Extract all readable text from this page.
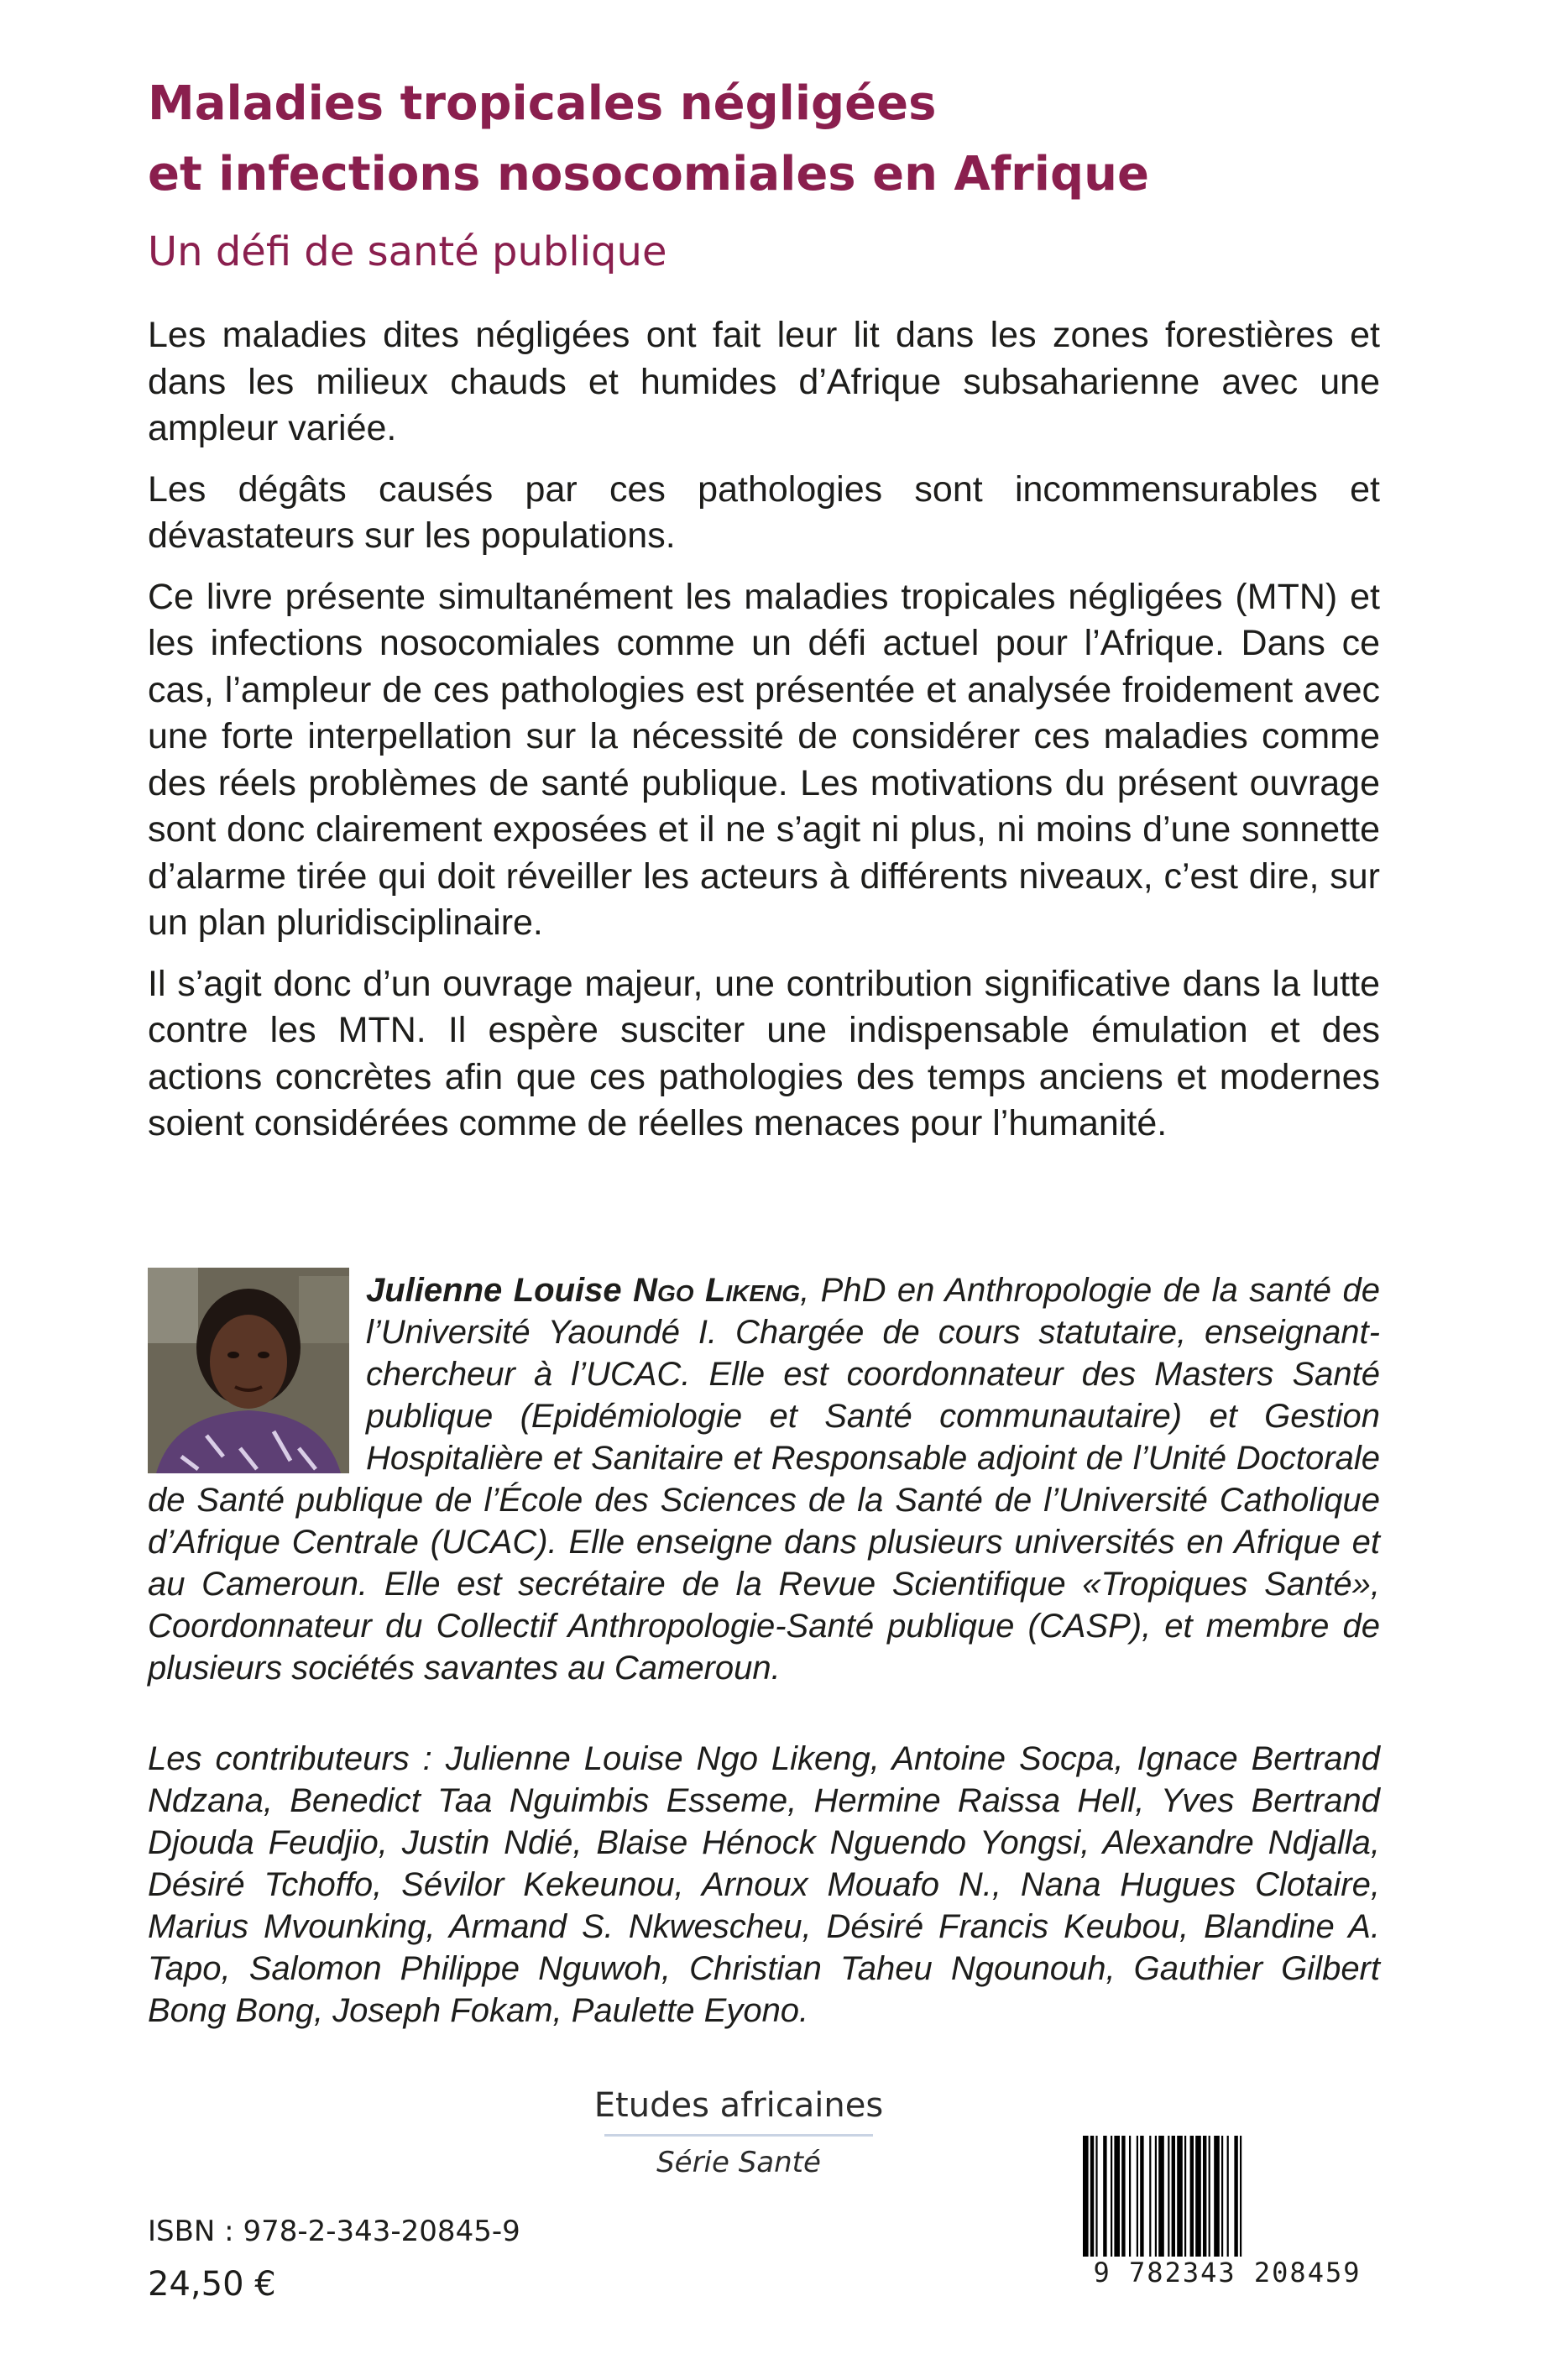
Maladies tropicales négligées
et infections nosocomiales en Afrique
Un défi de santé publique

Les maladies dites négligées ont fait leur lit dans les zones forestières et dans les milieux chauds et humides d’Afrique subsaharienne avec une ampleur variée.

Les dégâts causés par ces pathologies sont incommensurables et dévastateurs sur les populations.

Ce livre présente simultanément les maladies tropicales négligées (MTN) et les infections nosocomiales comme un défi actuel pour l’Afrique. Dans ce cas, l’ampleur de ces pathologies est présentée et analysée froidement avec une forte interpellation sur la nécessité de considérer ces maladies comme des réels problèmes de santé publique. Les motivations du présent ouvrage sont donc clairement exposées et il ne s’agit ni plus, ni moins d’une sonnette d’alarme tirée qui doit réveiller les acteurs à différents niveaux, c’est dire, sur un plan pluridisciplinaire.

Il s’agit donc d’un ouvrage majeur, une contribution significative dans la lutte contre les MTN. Il espère susciter une indispensable émulation et des actions concrètes afin que ces pathologies des temps anciens et modernes soient considérées comme de réelles menaces pour l’humanité.

Julienne Louise Ngo Likeng, PhD en Anthropologie de la santé de l’Université Yaoundé I. Chargée de cours statutaire, enseignant-chercheur à l’UCAC. Elle est coordonnateur des Masters Santé publique (Epidémiologie et Santé communautaire) et Gestion Hospitalière et Sanitaire et Responsable adjoint de l’Unité Doctorale de Santé publique de l’École des Sciences de la Santé de l’Université Catholique d’Afrique Centrale (UCAC). Elle enseigne dans plusieurs universités en Afrique et au Cameroun. Elle est secrétaire de la Revue Scientifique «Tropiques Santé», Coordonnateur du Collectif Anthropologie-Santé publique (CASP), et membre de plusieurs sociétés savantes au Cameroun.
Les contributeurs : Julienne Louise Ngo Likeng, Antoine Socpa, Ignace Bertrand Ndzana, Benedict Taa Nguimbis Esseme, Hermine Raissa Hell, Yves Bertrand Djouda Feudjio, Justin Ndié, Blaise Hénock Nguendo Yongsi, Alexandre Ndjalla, Désiré Tchoffo, Sévilor Kekeunou, Arnoux Mouafo N., Nana Hugues Clotaire, Marius Mvounking, Armand S. Nkwescheu, Désiré Francis Keubou, Blandine A. Tapo, Salomon Philippe Nguwoh, Christian Taheu Ngounouh, Gauthier Gilbert Bong Bong, Joseph Fokam, Paulette Eyono.
Etudes africaines
Série Santé
ISBN : 978-2-343-20845-9
24,50 €	9 782343 208459
